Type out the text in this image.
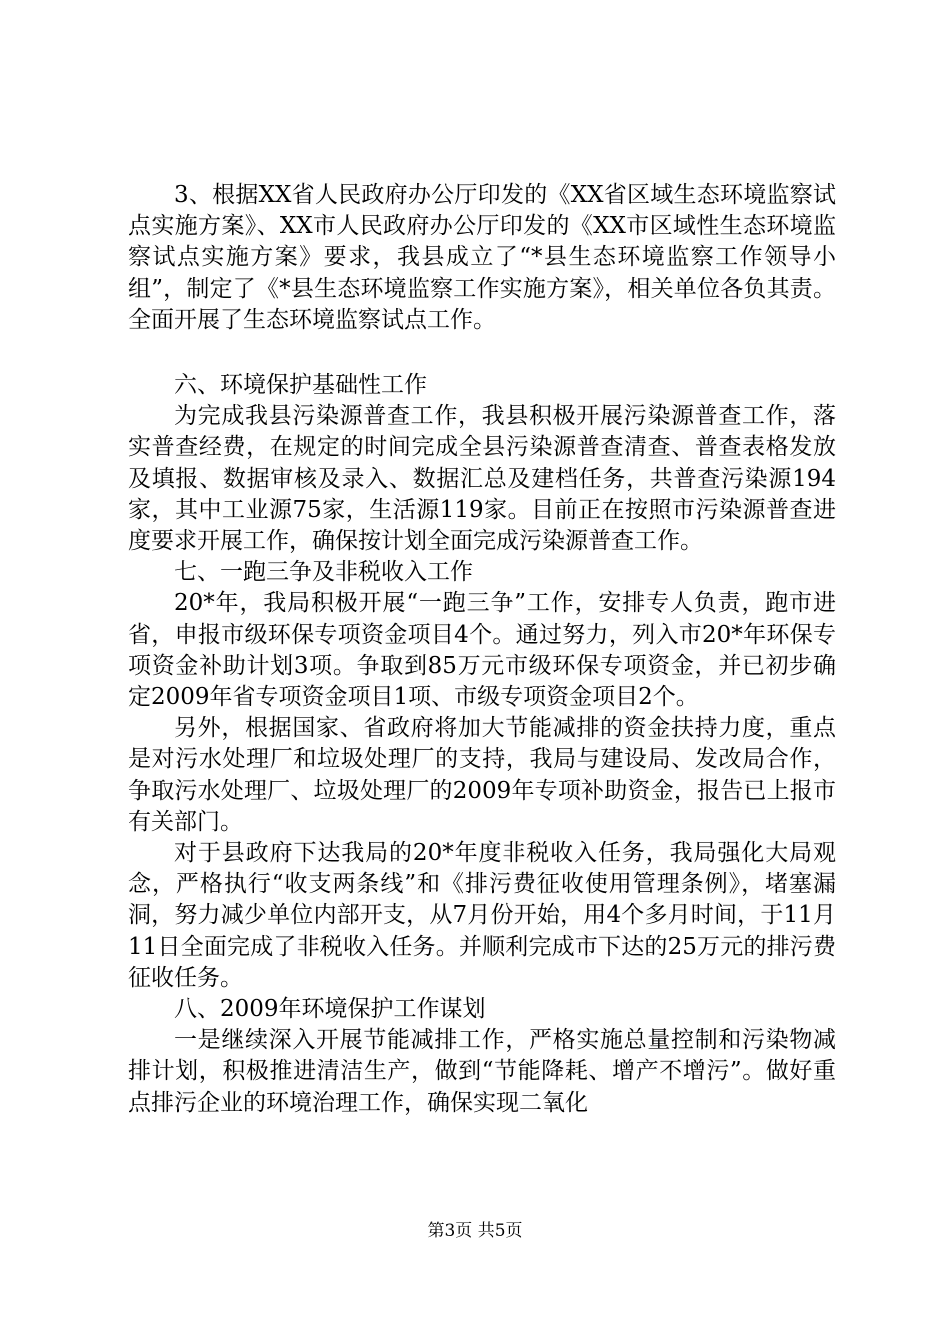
3、根据XX省人民政府办公厅印发的《XX省区域生态环境监察试点实施方案》、XX市人民政府办公厅印发的《XX市区域性生态环境监察试点实施方案》要求，我县成立了“*县生态环境监察工作领导小组”，制定了《*县生态环境监察工作实施方案》，相关单位各负其责。全面开展了生态环境监察试点工作。

六、环境保护基础性工作

为完成我县污染源普查工作，我县积极开展污染源普查工作，落实普查经费，在规定的时间完成全县污染源普查清查、普查表格发放及填报、数据审核及录入、数据汇总及建档任务，共普查污染源194家，其中工业源75家，生活源119家。目前正在按照市污染源普查进度要求开展工作，确保按计划全面完成污染源普查工作。

七、一跑三争及非税收入工作

20*年，我局积极开展“一跑三争”工作，安排专人负责，跑市进省，申报市级环保专项资金项目4个。通过努力，列入市20*年环保专项资金补助计划3项。争取到85万元市级环保专项资金，并已初步确定2009年省专项资金项目1项、市级专项资金项目2个。

另外，根据国家、省政府将加大节能减排的资金扶持力度，重点是对污水处理厂和垃圾处理厂的支持，我局与建设局、发改局合作，争取污水处理厂、垃圾处理厂的2009年专项补助资金，报告已上报市有关部门。

对于县政府下达我局的20*年度非税收入任务，我局强化大局观念，严格执行“收支两条线”和《排污费征收使用管理条例》，堵塞漏洞，努力减少单位内部开支，从7月份开始，用4个多月时间，于11月11日全面完成了非税收入任务。并顺利完成市下达的25万元的排污费征收任务。

八、2009年环境保护工作谋划

一是继续深入开展节能减排工作，严格实施总量控制和污染物减排计划，积极推进清洁生产，做到“节能降耗、增产不增污”。做好重点排污企业的环境治理工作，确保实现二氧化

第3页 共5页
